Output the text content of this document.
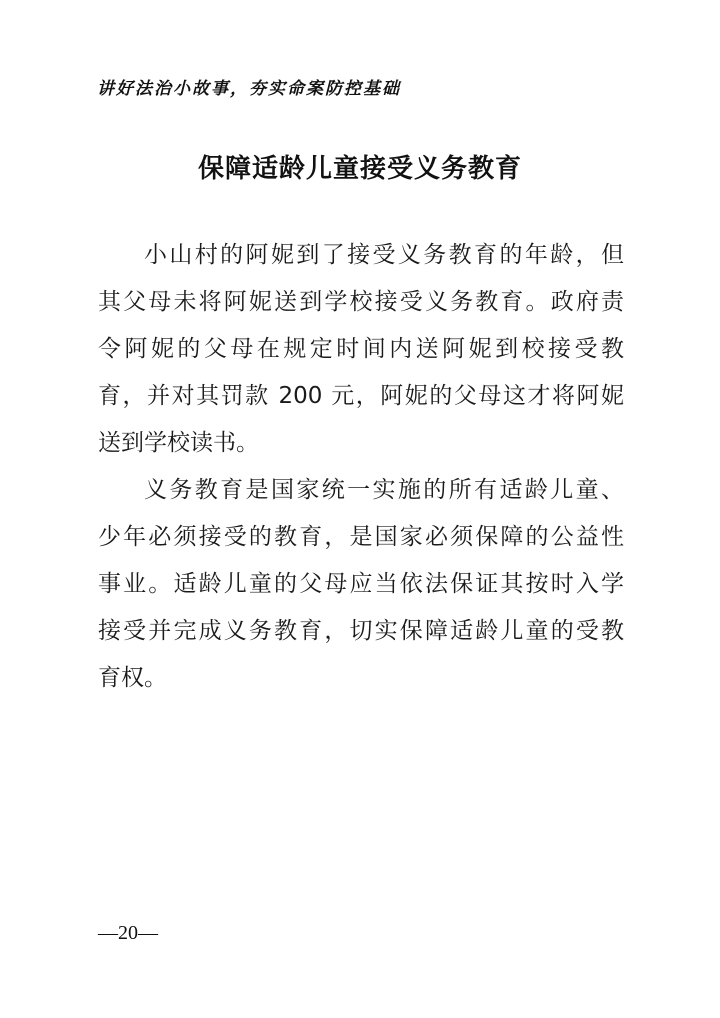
讲好法治小故事，夯实命案防控基础
保障适龄儿童接受义务教育
小山村的阿妮到了接受义务教育的年龄，但
其父母未将阿妮送到学校接受义务教育。政府责
令阿妮的父母在规定时间内送阿妮到校接受教
育，并对其罚款 200 元，阿妮的父母这才将阿妮
送到学校读书。
义务教育是国家统一实施的所有适龄儿童、
少年必须接受的教育，是国家必须保障的公益性
事业。适龄儿童的父母应当依法保证其按时入学
接受并完成义务教育，切实保障适龄儿童的受教
育权。
—20—
